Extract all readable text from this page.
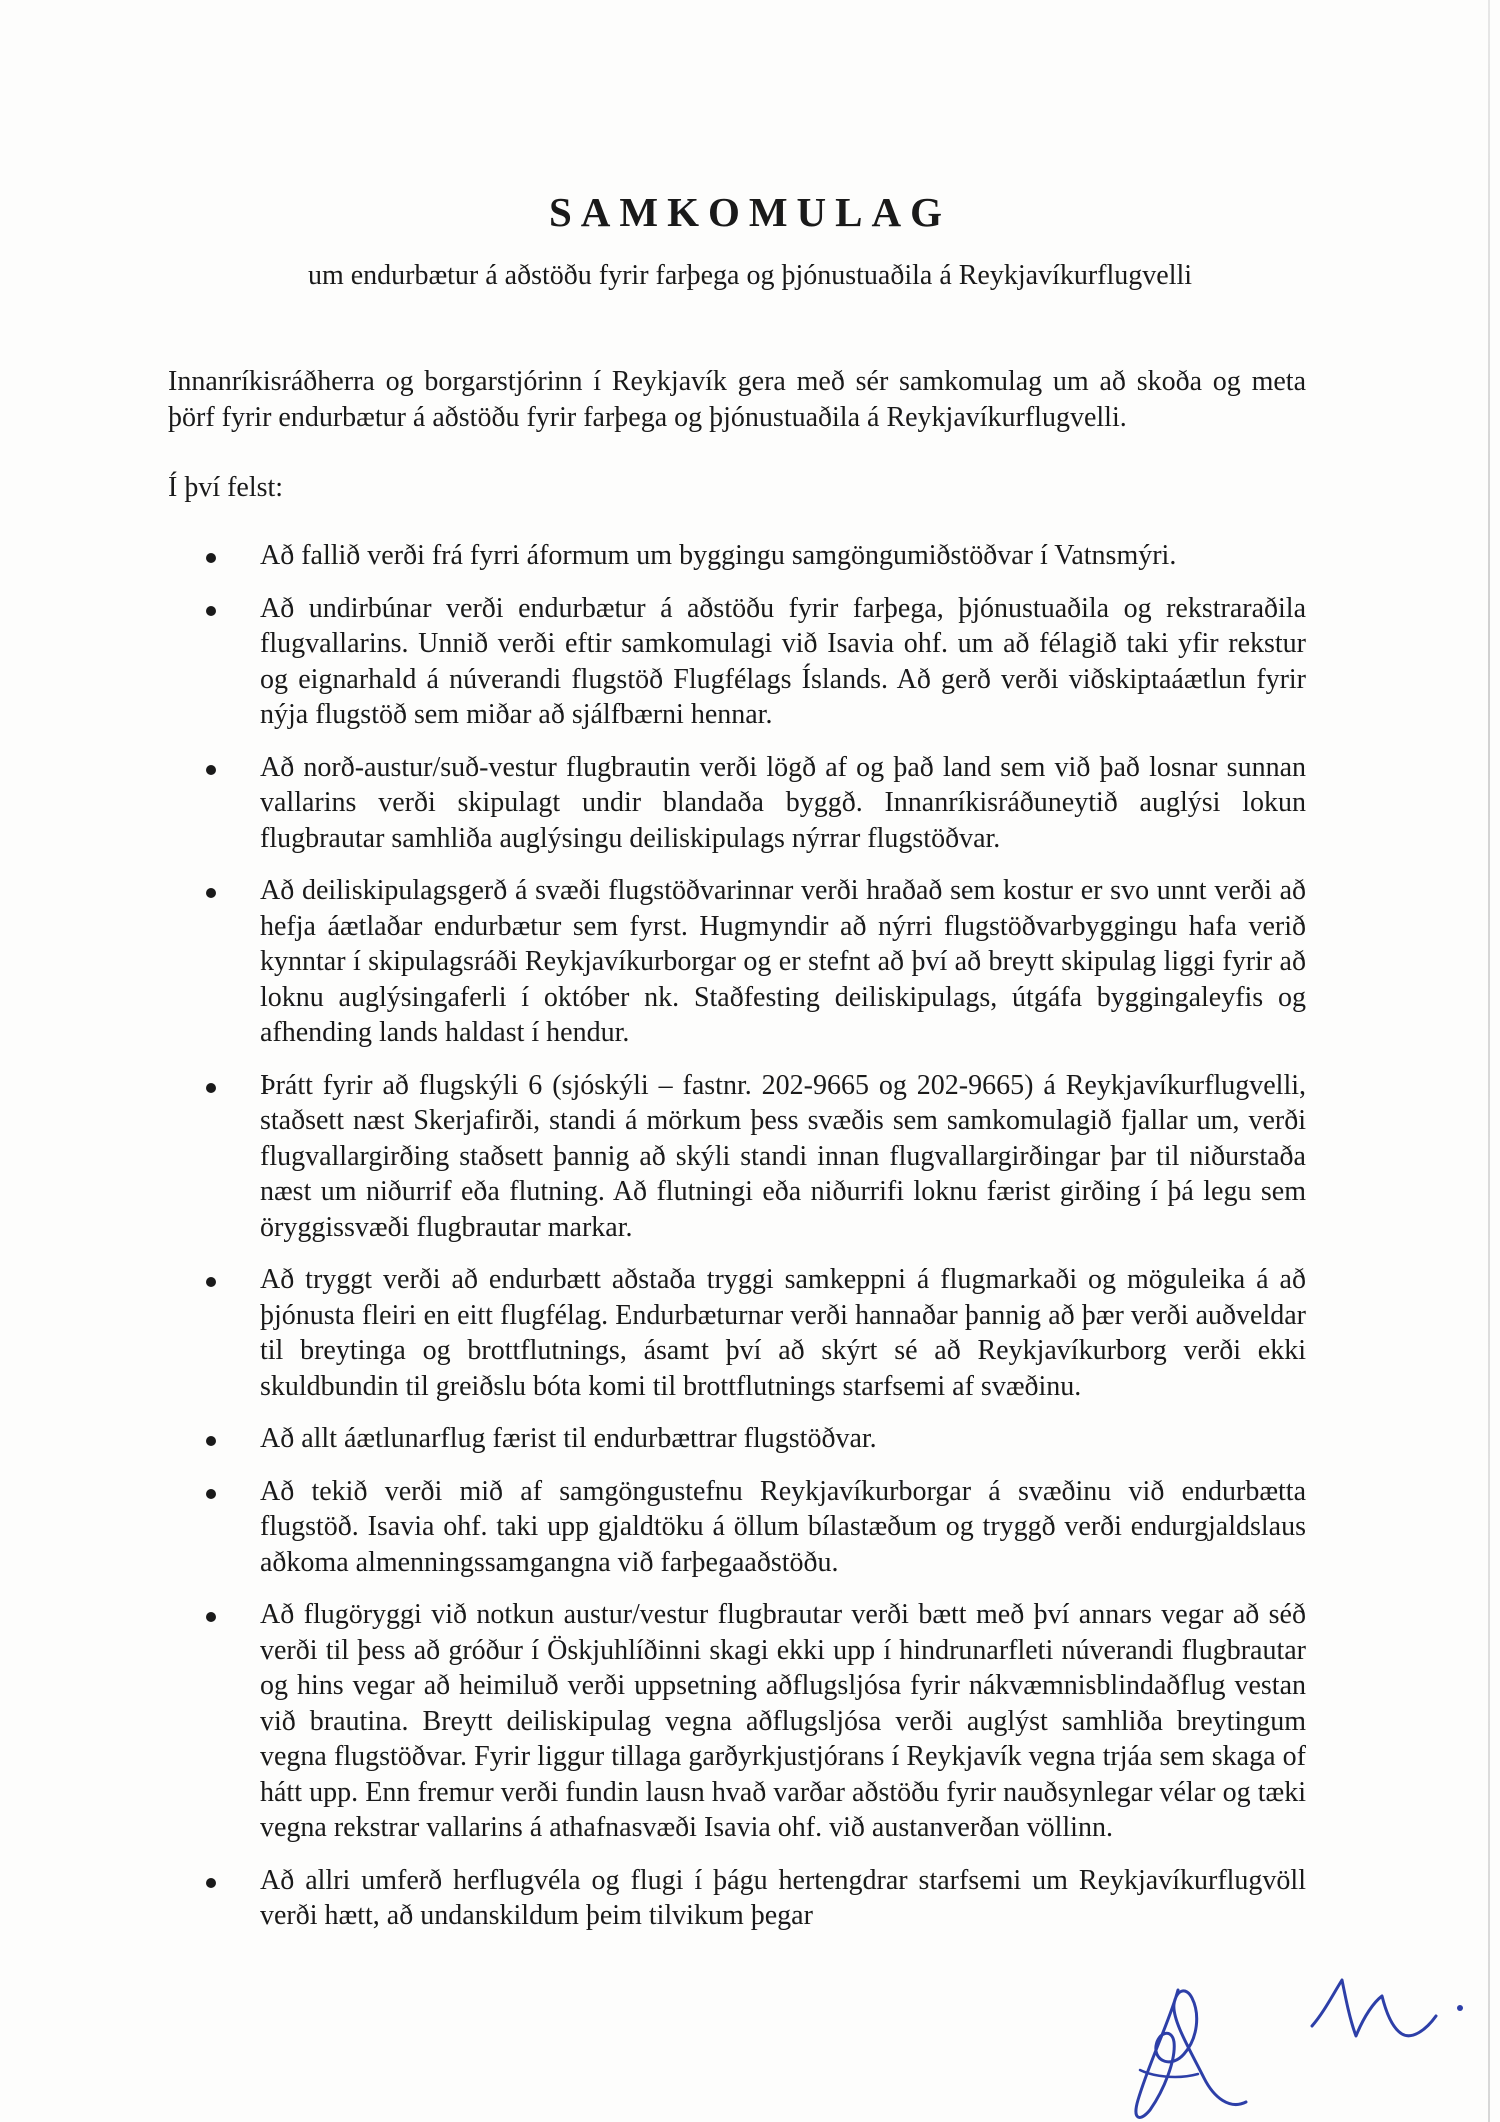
SAMKOMULAG

um endurbætur á aðstöðu fyrir farþega og þjónustuaðila á Reykjavíkurflugvelli

Innanríkisráðherra og borgarstjórinn í Reykjavík gera með sér samkomulag um að skoða og meta þörf fyrir endurbætur á aðstöðu fyrir farþega og þjónustuaðila á Reykjavíkurflugvelli.

Í því felst:

Að fallið verði frá fyrri áformum um byggingu samgöngumiðstöðvar í Vatnsmýri.
Að undirbúnar verði endurbætur á aðstöðu fyrir farþega, þjónustuaðila og rekstraraðila flugvallarins. Unnið verði eftir samkomulagi við Isavia ohf. um að félagið taki yfir rekstur og eignarhald á núverandi flugstöð Flugfélags Íslands. Að gerð verði viðskiptaáætlun fyrir nýja flugstöð sem miðar að sjálfbærni hennar.
Að norð-austur/suð-vestur flugbrautin verði lögð af og það land sem við það losnar sunnan vallarins verði skipulagt undir blandaða byggð. Innanríkisráðuneytið auglýsi lokun flugbrautar samhliða auglýsingu deiliskipulags nýrrar flugstöðvar.
Að deiliskipulagsgerð á svæði flugstöðvarinnar verði hraðað sem kostur er svo unnt verði að hefja áætlaðar endurbætur sem fyrst. Hugmyndir að nýrri flugstöðvarbyggingu hafa verið kynntar í skipulagsráði Reykjavíkurborgar og er stefnt að því að breytt skipulag liggi fyrir að loknu auglýsingaferli í október nk. Staðfesting deiliskipulags, útgáfa byggingaleyfis og afhending lands haldast í hendur.
Þrátt fyrir að flugskýli 6 (sjóskýli – fastnr. 202-9665 og 202-9665) á Reykjavíkurflugvelli, staðsett næst Skerjafirði, standi á mörkum þess svæðis sem samkomulagið fjallar um, verði flugvallargirðing staðsett þannig að skýli standi innan flugvallargirðingar þar til niðurstaða næst um niðurrif eða flutning. Að flutningi eða niðurrifi loknu færist girðing í þá legu sem öryggissvæði flugbrautar markar.
Að tryggt verði að endurbætt aðstaða tryggi samkeppni á flugmarkaði og möguleika á að þjónusta fleiri en eitt flugfélag. Endurbæturnar verði hannaðar þannig að þær verði auðveldar til breytinga og brottflutnings, ásamt því að skýrt sé að Reykjavíkurborg verði ekki skuldbundin til greiðslu bóta komi til brottflutnings starfsemi af svæðinu.
Að allt áætlunarflug færist til endurbættrar flugstöðvar.
Að tekið verði mið af samgöngustefnu Reykjavíkurborgar á svæðinu við endurbætta flugstöð. Isavia ohf. taki upp gjaldtöku á öllum bílastæðum og tryggð verði endurgjaldslaus aðkoma almenningssamgangna við farþegaaðstöðu.
Að flugöryggi við notkun austur/vestur flugbrautar verði bætt með því annars vegar að séð verði til þess að gróður í Öskjuhlíðinni skagi ekki upp í hindrunarfleti núverandi flugbrautar og hins vegar að heimiluð verði uppsetning aðflugsljósa fyrir nákvæmnisblindaðflug vestan við brautina. Breytt deiliskipulag vegna aðflugsljósa verði auglýst samhliða breytingum vegna flugstöðvar. Fyrir liggur tillaga garðyrkjustjórans í Reykjavík vegna trjáa sem skaga of hátt upp. Enn fremur verði fundin lausn hvað varðar aðstöðu fyrir nauðsynlegar vélar og tæki vegna rekstrar vallarins á athafnasvæði Isavia ohf. við austanverðan völlinn.
Að allri umferð herflugvéla og flugi í þágu hertengdrar starfsemi um Reykjavíkurflugvöll verði hætt, að undanskildum þeim tilvikum þegar
